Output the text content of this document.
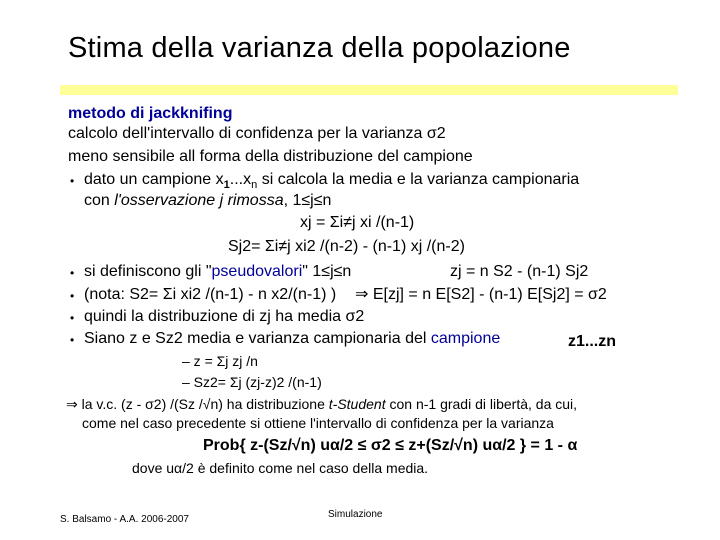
Stima della varianza della popolazione
metodo di jackknifing
calcolo dell'intervallo di confidenza per la varianza σ2
meno sensibile all forma della distribuzione del campione
• dato un campione $x_1...x_n$ si calcola la media e la varianza campionaria
con l'osservazione j rimossa, 1≤j≤n
xj = Σi≠j xi /(n-1)
Sj2= Σi≠j xi2 /(n-2) - (n-1) xj /(n-2)
• si definiscono gli "pseudovalori" 1≤j≤n	zj = n S2 - (n-1) Sj2
• (nota: S2= Σi xi2 /(n-1) - n x2/(n-1) ) ⇒ E[zj] = n E[S2] - (n-1) E[Sj2] = σ2
• quindi la distribuzione di zj ha media σ2
• Siano z e Sz2 media e varianza campionaria del campione	z1...zn
– z = Σj zj /n
– Sz2= Σj (zj-z)2 /(n-1)
⇒ la v.c. (z - σ2) /(Sz /√n) ha distribuzione t-Student con n-1 gradi di libertà, da cui,
come nel caso precedente si ottiene l'intervallo di confidenza per la varianza
Prob{ z-(Sz/√n) uα/2 ≤ σ2 ≤ z+(Sz/√n) uα/2 } = 1 - α
dove uα/2 è definito come nel caso della media.
S. Balsamo - A.A. 2006-2007	Simulazione
